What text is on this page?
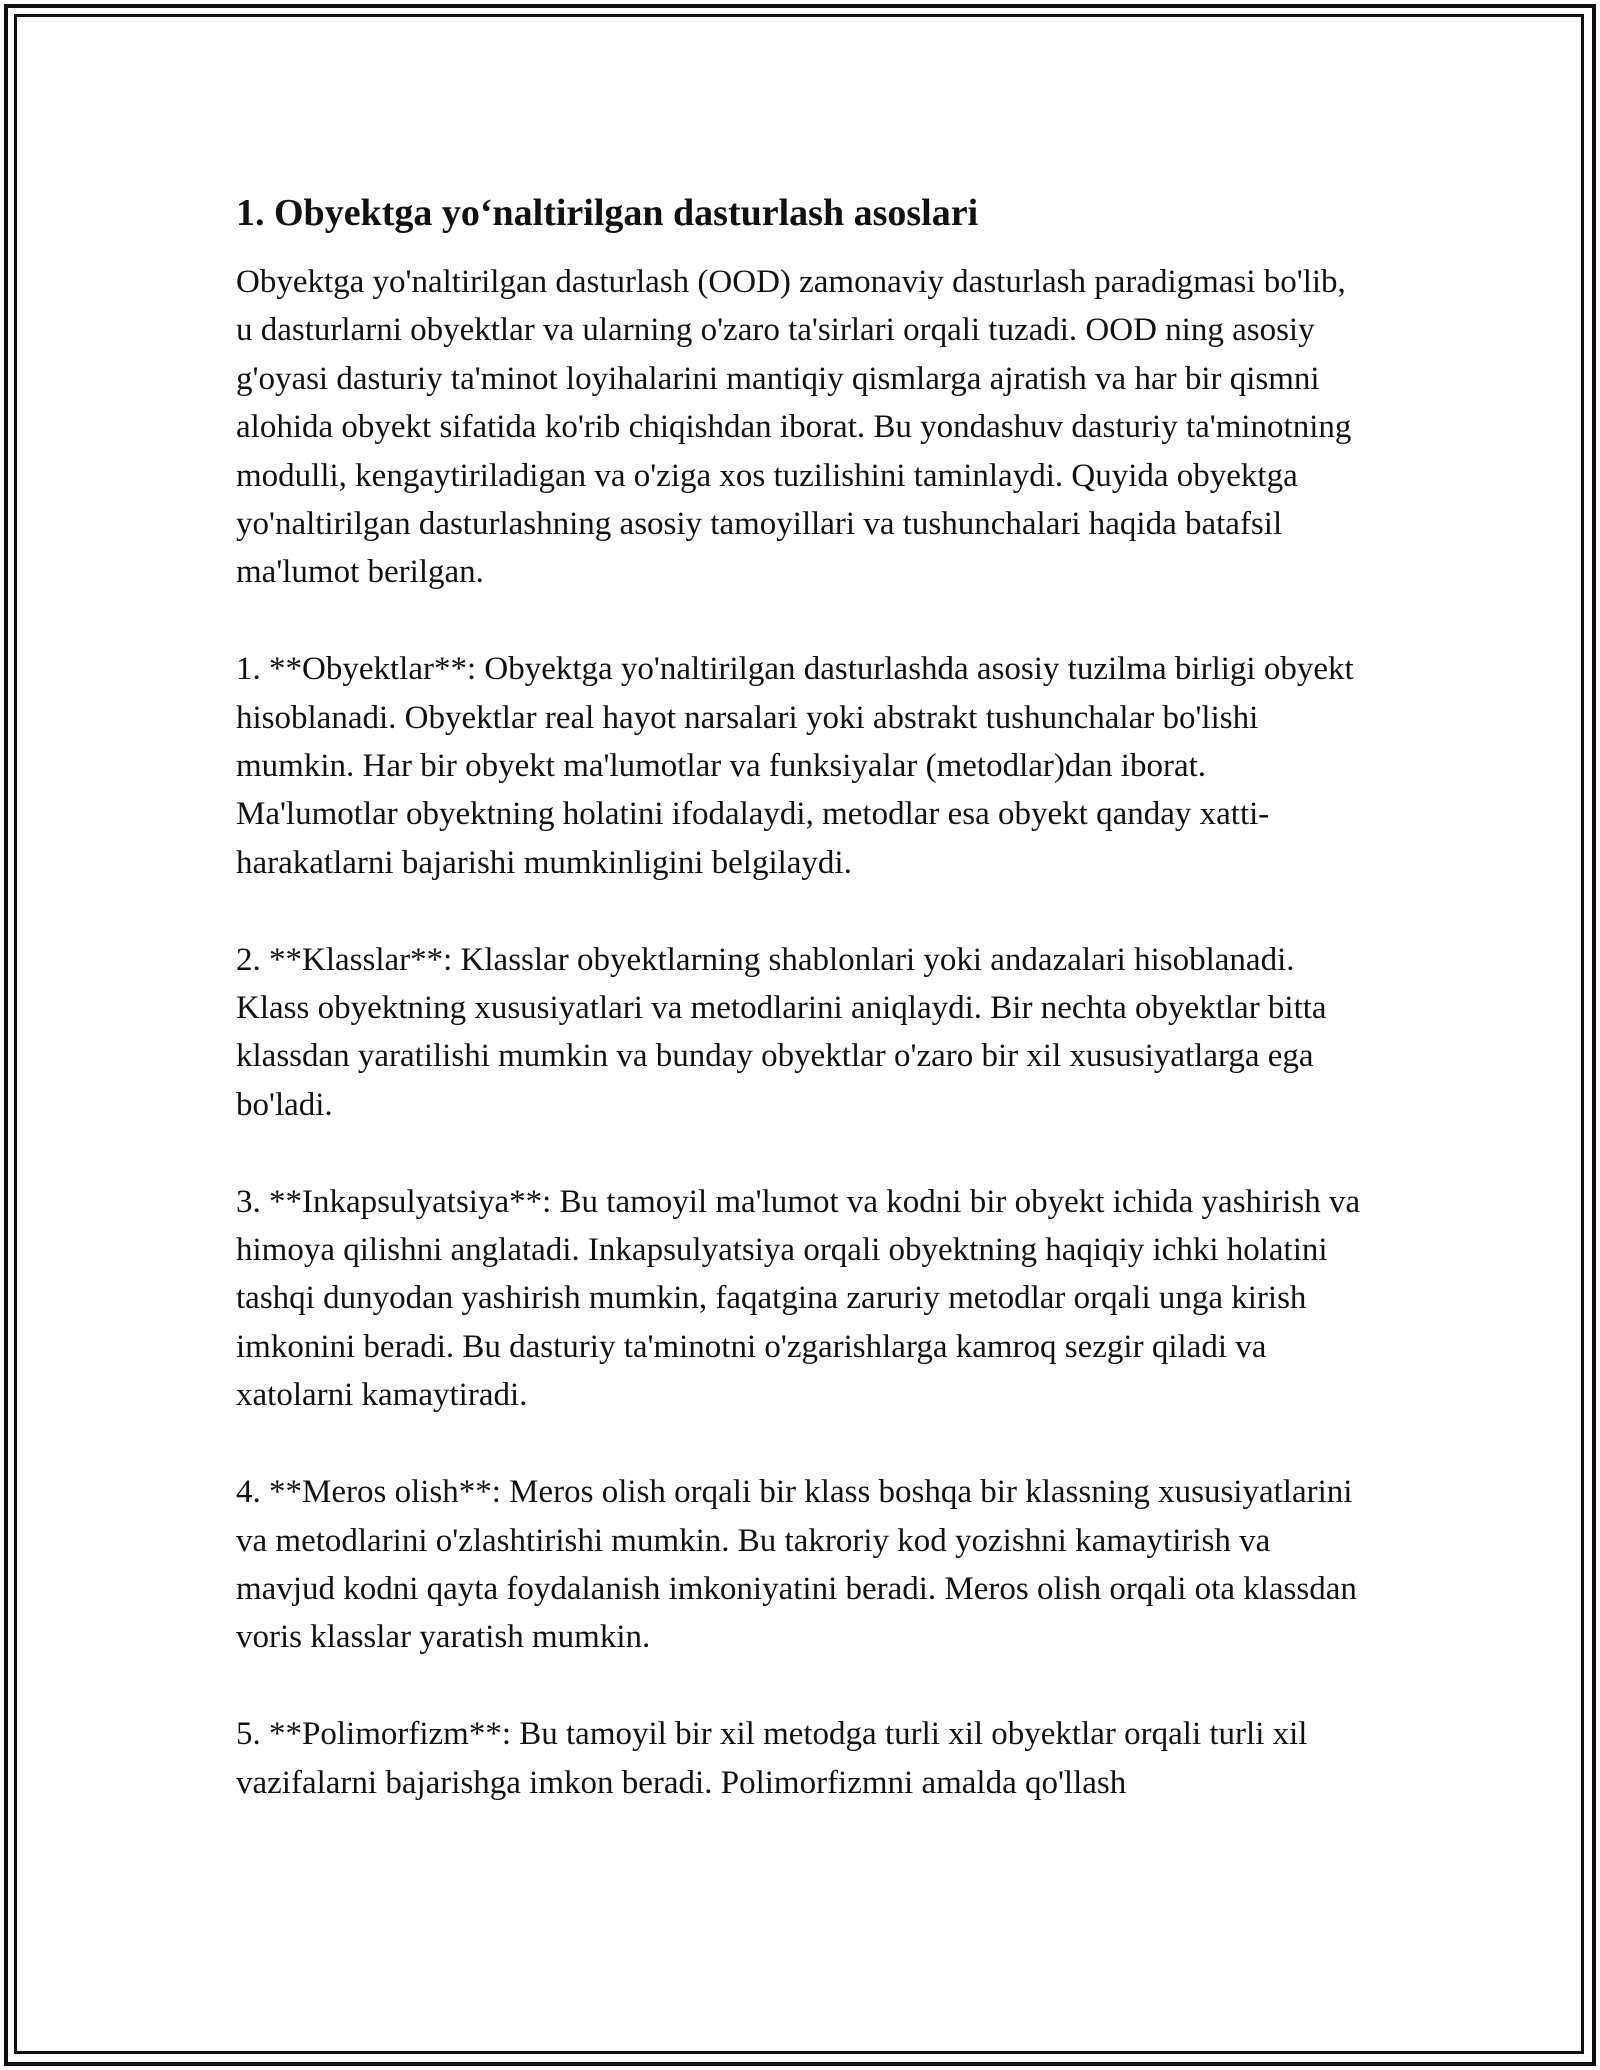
1. Obyektga yo‘naltirilgan dasturlash asoslari

Obyektga yo'naltirilgan dasturlash (OOD) zamonaviy dasturlash paradigmasi bo'lib, u dasturlarni obyektlar va ularning o'zaro ta'sirlari orqali tuzadi. OOD ning asosiy g'oyasi dasturiy ta'minot loyihalarini mantiqiy qismlarga ajratish va har bir qismni alohida obyekt sifatida ko'rib chiqishdan iborat. Bu yondashuv dasturiy ta'minotning modulli, kengaytiriladigan va o'ziga xos tuzilishini taminlaydi. Quyida obyektga yo'naltirilgan dasturlashning asosiy tamoyillari va tushunchalari haqida batafsil ma'lumot berilgan.

1. **Obyektlar**: Obyektga yo'naltirilgan dasturlashda asosiy tuzilma birligi obyekt hisoblanadi. Obyektlar real hayot narsalari yoki abstrakt tushunchalar bo'lishi mumkin. Har bir obyekt ma'lumotlar va funksiyalar (metodlar)dan iborat. Ma'lumotlar obyektning holatini ifodalaydi, metodlar esa obyekt qanday xatti-harakatlarni bajarishi mumkinligini belgilaydi.

2. **Klasslar**: Klasslar obyektlarning shablonlari yoki andazalari hisoblanadi. Klass obyektning xususiyatlari va metodlarini aniqlaydi. Bir nechta obyektlar bitta klassdan yaratilishi mumkin va bunday obyektlar o'zaro bir xil xususiyatlarga ega bo'ladi.

3. **Inkapsulyatsiya**: Bu tamoyil ma'lumot va kodni bir obyekt ichida yashirish va himoya qilishni anglatadi. Inkapsulyatsiya orqali obyektning haqiqiy ichki holatini tashqi dunyodan yashirish mumkin, faqatgina zaruriy metodlar orqali unga kirish imkonini beradi. Bu dasturiy ta'minotni o'zgarishlarga kamroq sezgir qiladi va xatolarni kamaytiradi.

4. **Meros olish**: Meros olish orqali bir klass boshqa bir klassning xususiyatlarini va metodlarini o'zlashtirishi mumkin. Bu takroriy kod yozishni kamaytirish va mavjud kodni qayta foydalanish imkoniyatini beradi. Meros olish orqali ota klassdan voris klasslar yaratish mumkin.

5. **Polimorfizm**: Bu tamoyil bir xil metodga turli xil obyektlar orqali turli xil vazifalarni bajarishga imkon beradi. Polimorfizmni amalda qo'llash
